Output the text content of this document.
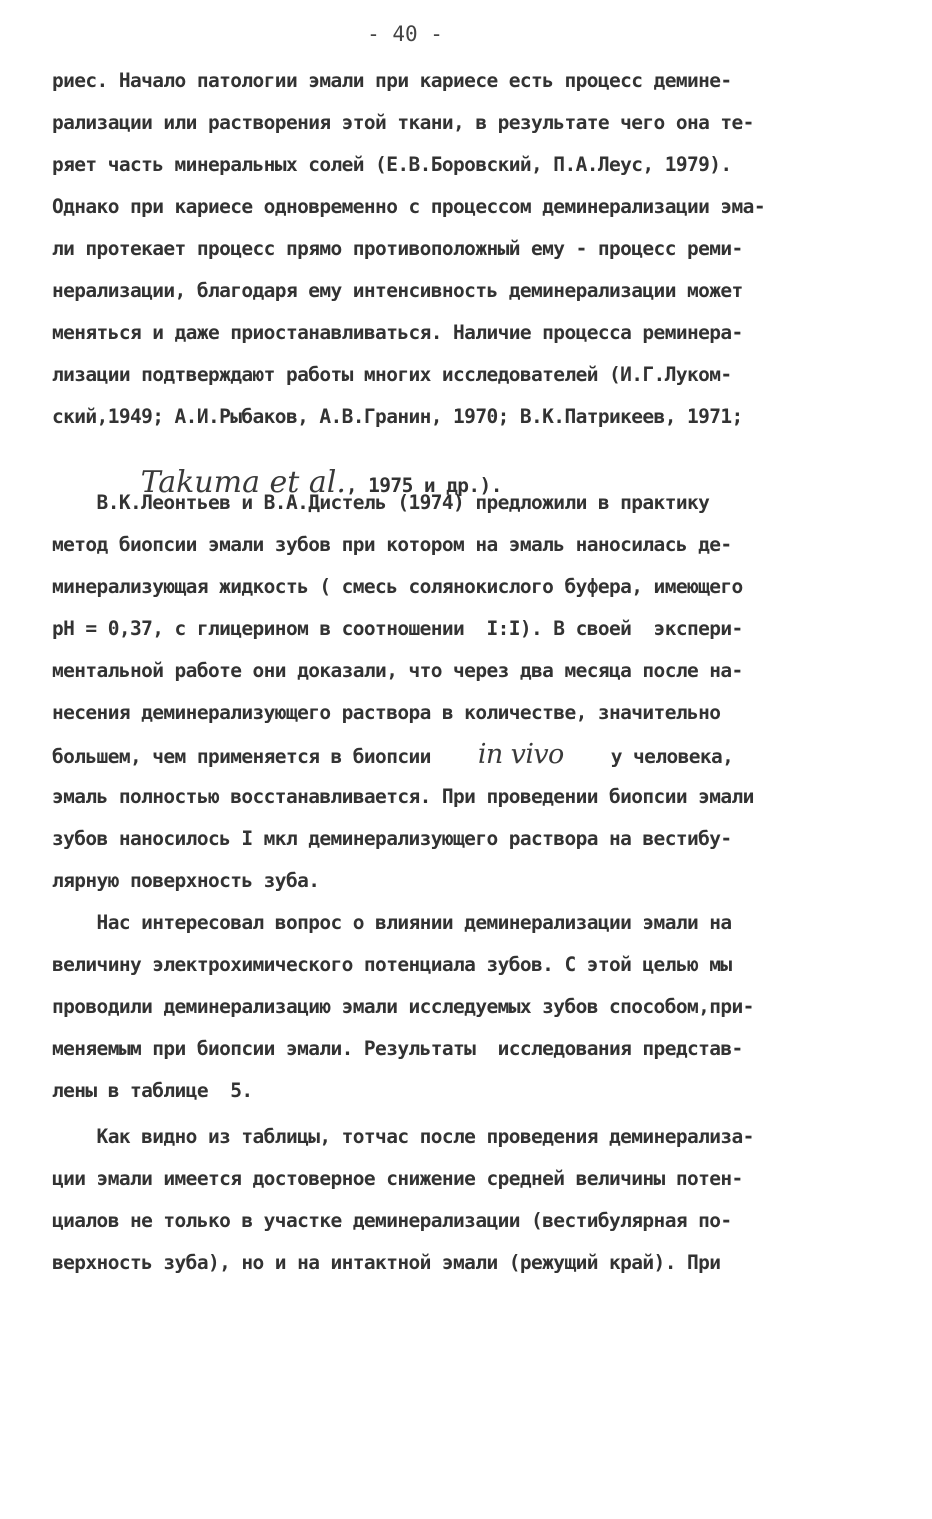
- 40 -
риес. Начало патологии эмали при кариесе есть процесс демине-
рализации или растворения этой ткани, в результате чего она те-
ряет часть минеральных солей (Е.В.Боровский, П.А.Леус, 1979).
Однако при кариесе одновременно с процессом деминерализации эма-
ли протекает процесс прямо противоположный ему - процесс реми-
нерализации, благодаря ему интенсивность деминерализации может
меняться и даже приостанавливаться. Наличие процесса реминера-
лизации подтверждают работы многих исследователей (И.Г.Луком-
ский,1949; А.И.Рыбаков, А.В.Гранин, 1970; В.К.Патрикеев, 1971;

Takuma et al., 1975 и др.).

В.К.Леонтьев и В.А.Дистель (1974) предложили в практику
метод биопсии эмали зубов при котором на эмаль наносилась де-
минерализующая жидкость ( смесь солянокислого буфера, имеющего
рН = 0,37, с глицерином в соотношении  I:I). В своей  экспери-
ментальной работе они доказали, что через два месяца после на-
несения деминерализующего раствора в количестве, значительно
большем, чем применяется в биопсии in vivo у человека,
эмаль полностью восстанавливается. При проведении биопсии эмали
зубов наносилось I мкл деминерализующего раствора на вестибу-
лярную поверхность зуба.
Нас интересовал вопрос о влиянии деминерализации эмали на
величину электрохимического потенциала зубов. С этой целью мы
проводили деминерализацию эмали исследуемых зубов способом,при-
меняемым при биопсии эмали. Результаты  исследования представ-
лены в таблице  5.
Как видно из таблицы, тотчас после проведения деминерализа-
ции эмали имеется достоверное снижение средней величины потен-
циалов не только в участке деминерализации (вестибулярная по-
верхность зуба), но и на интактной эмали (режущий край). При
